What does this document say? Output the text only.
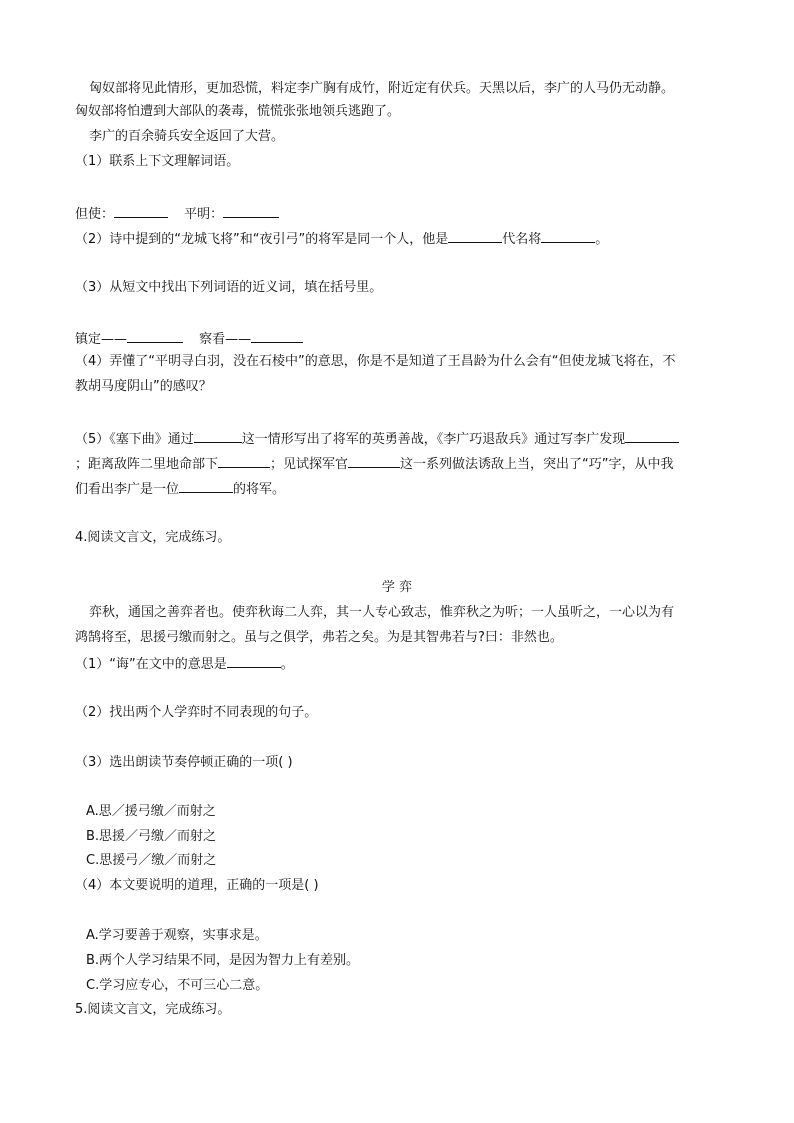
匈奴部将见此情形，更加恐慌，料定李广胸有成竹，附近定有伏兵。天黑以后，李广的人马仍无动静。
匈奴部将怕遭到大部队的袭毒，慌慌张张地领兵逃跑了。
李广的百余骑兵安全返回了大营。
（1）联系上下文理解词语。
但使：	平明：
（2）诗中提到的“龙城飞将”和“夜引弓”的将军是同一个人，他是	代名将	。
（3）从短文中找出下列词语的近义词，填在括号里。
镇定——	察看——
（4）弄懂了“平明寻白羽，没在石棱中”的意思，你是不是知道了王昌龄为什么会有“但使龙城飞将在，不
教胡马度阴山”的感叹？
（5）《塞下曲》通过	这一情形写出了将军的英勇善战，《李广巧退敌兵》通过写李广发现
；距离敌阵二里地命部下	；见试探军官	这一系列做法诱敌上当，突出了“巧”字，从中我
们看出李广是一位	的将军。
4.阅读文言文，完成练习。
学 弈
弈秋，通国之善弈者也。使弈秋诲二人弈，其一人专心致志，惟弈秋之为听；一人虽听之，一心以为有
鸿鹄将至，思援弓缴而射之。虽与之俱学，弗若之矣。为是其智弗若与?曰：非然也。
（1）“诲”在文中的意思是	。
（2）找出两个人学弈时不同表现的句子。
（3）选出朗读节奏停顿正确的一项( )
A.思／援弓缴／而射之
B.思援／弓缴／而射之
C.思援弓／缴／而射之
（4）本文要说明的道理，正确的一项是( )
A.学习要善于观察，实事求是。
B.两个人学习结果不同，是因为智力上有差别。
C.学习应专心，不可三心二意。
5.阅读文言文，完成练习。
